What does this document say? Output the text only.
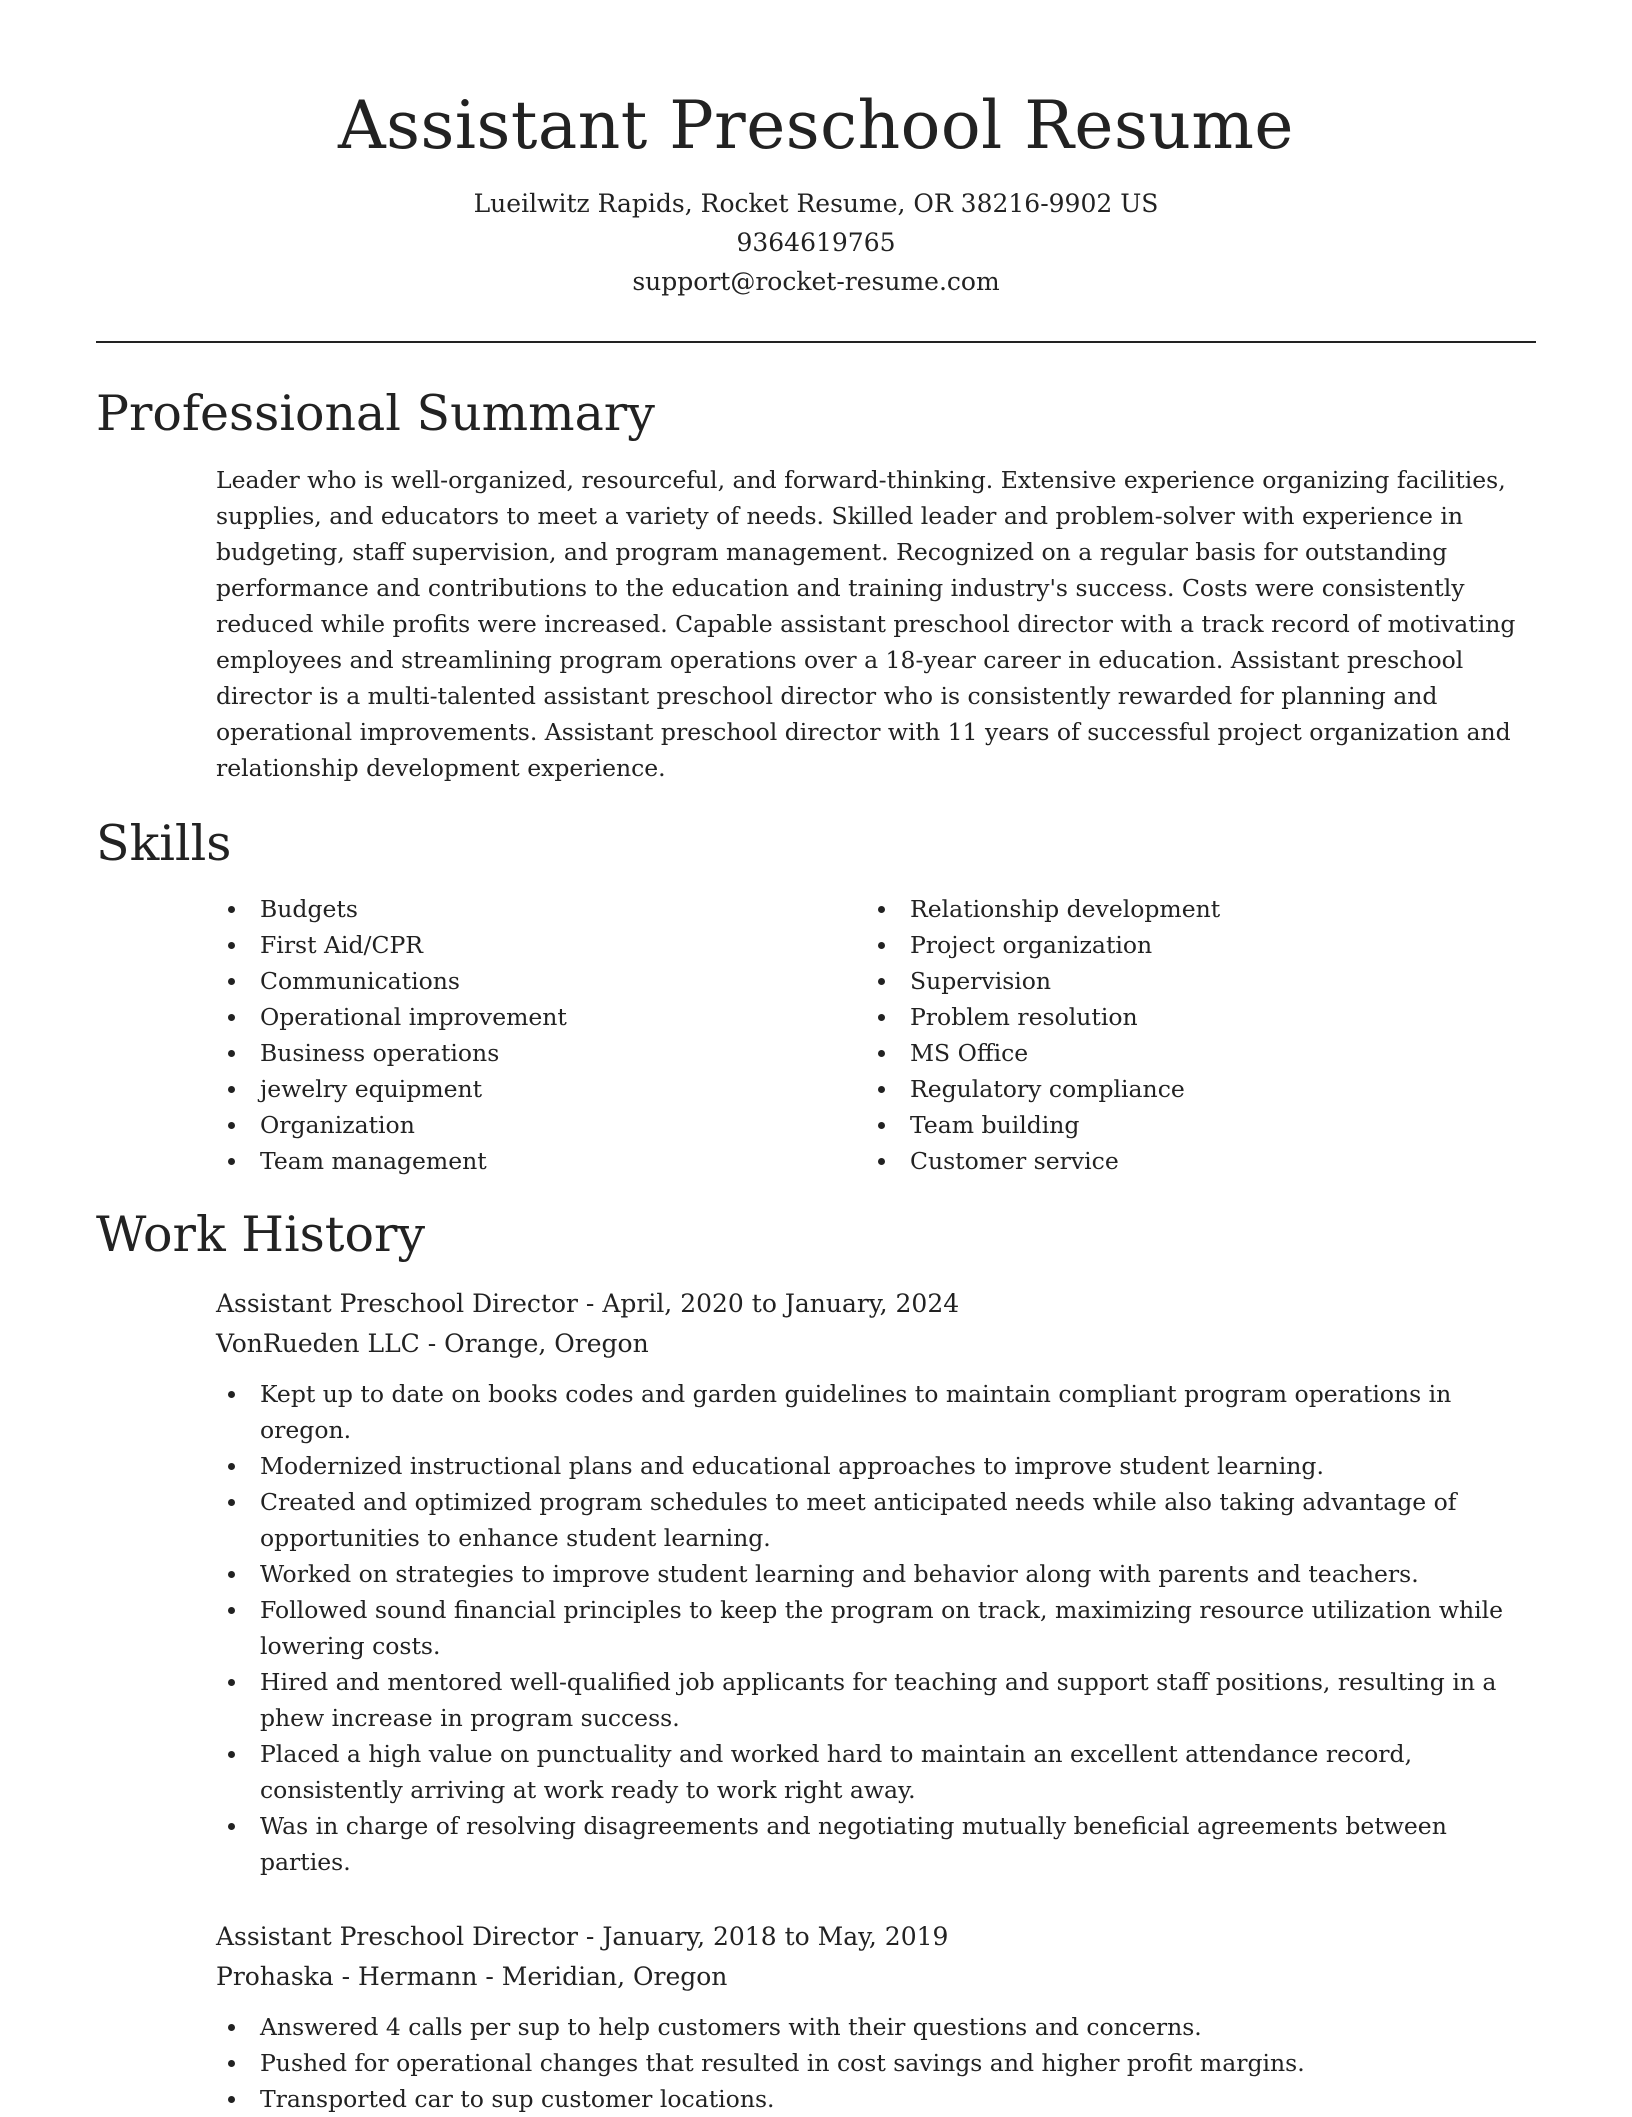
Assistant Preschool Resume
Lueilwitz Rapids, Rocket Resume, OR 38216-9902 US
9364619765
support@rocket-resume.com
Professional Summary

Leader who is well-organized, resourceful, and forward-thinking. Extensive experience organizing facilities, supplies, and educators to meet a variety of needs. Skilled leader and problem-solver with experience in budgeting, staff supervision, and program management. Recognized on a regular basis for outstanding performance and contributions to the education and training industry's success. Costs were consistently reduced while profits were increased. Capable assistant preschool director with a track record of motivating employees and streamlining program operations over a 18-year career in education. Assistant preschool director is a multi-talented assistant preschool director who is consistently rewarded for planning and operational improvements. Assistant preschool director with 11 years of successful project organization and relationship development experience.

Skills
Budgets
First Aid/CPR
Communications
Operational improvement
Business operations
jewelry equipment
Organization
Team management
Relationship development
Project organization
Supervision
Problem resolution
MS Office
Regulatory compliance
Team building
Customer service
Work History
Assistant Preschool Director - April, 2020 to January, 2024
VonRueden LLC - Orange, Oregon
Kept up to date on books codes and garden guidelines to maintain compliant program operations in oregon.
Modernized instructional plans and educational approaches to improve student learning.
Created and optimized program schedules to meet anticipated needs while also taking advantage of opportunities to enhance student learning.
Worked on strategies to improve student learning and behavior along with parents and teachers.
Followed sound financial principles to keep the program on track, maximizing resource utilization while lowering costs.
Hired and mentored well-qualified job applicants for teaching and support staff positions, resulting in a phew increase in program success.
Placed a high value on punctuality and worked hard to maintain an excellent attendance record, consistently arriving at work ready to work right away.
Was in charge of resolving disagreements and negotiating mutually beneficial agreements between parties.
Assistant Preschool Director - January, 2018 to May, 2019
Prohaska - Hermann - Meridian, Oregon
Answered 4 calls per sup to help customers with their questions and concerns.
Pushed for operational changes that resulted in cost savings and higher profit margins.
Transported car to sup customer locations.
